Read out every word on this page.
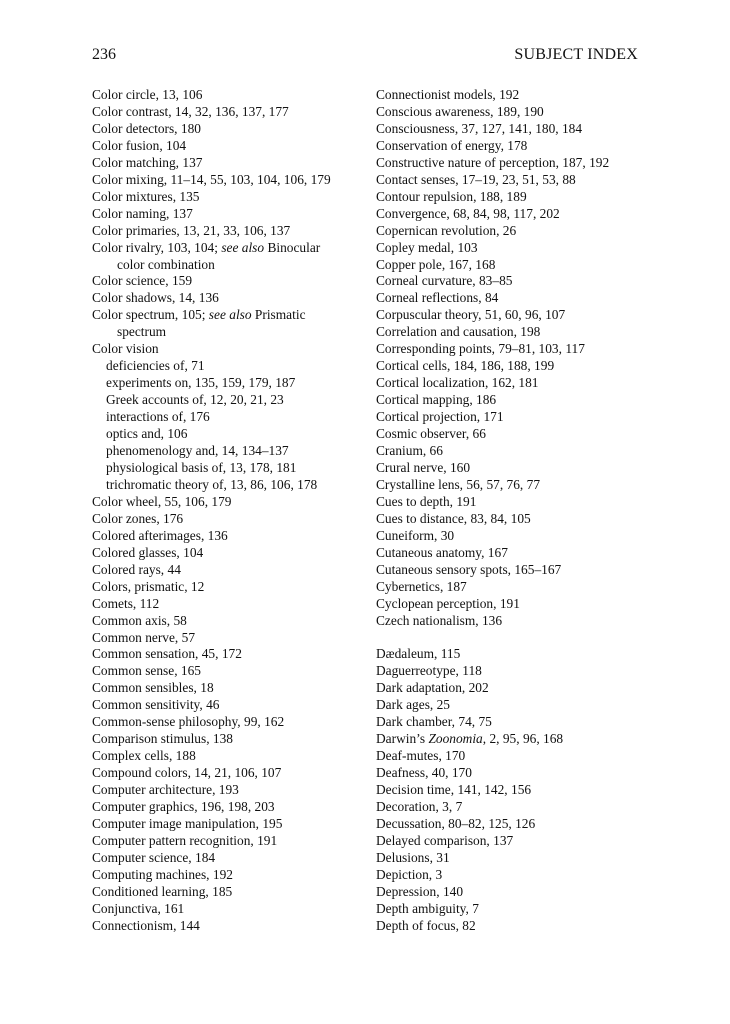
236	SUBJECT INDEX
Color circle, 13, 106
Color contrast, 14, 32, 136, 137, 177
Color detectors, 180
Color fusion, 104
Color matching, 137
Color mixing, 11–14, 55, 103, 104, 106, 179
Color mixtures, 135
Color naming, 137
Color primaries, 13, 21, 33, 106, 137
Color rivalry, 103, 104; see also Binocular
color combination
Color science, 159
Color shadows, 14, 136
Color spectrum, 105; see also Prismatic
spectrum
Color vision
deficiencies of, 71
experiments on, 135, 159, 179, 187
Greek accounts of, 12, 20, 21, 23
interactions of, 176
optics and, 106
phenomenology and, 14, 134–137
physiological basis of, 13, 178, 181
trichromatic theory of, 13, 86, 106, 178
Color wheel, 55, 106, 179
Color zones, 176
Colored afterimages, 136
Colored glasses, 104
Colored rays, 44
Colors, prismatic, 12
Comets, 112
Common axis, 58
Common nerve, 57
Common sensation, 45, 172
Common sense, 165
Common sensibles, 18
Common sensitivity, 46
Common-sense philosophy, 99, 162
Comparison stimulus, 138
Complex cells, 188
Compound colors, 14, 21, 106, 107
Computer architecture, 193
Computer graphics, 196, 198, 203
Computer image manipulation, 195
Computer pattern recognition, 191
Computer science, 184
Computing machines, 192
Conditioned learning, 185
Conjunctiva, 161
Connectionism, 144
Connectionist models, 192
Conscious awareness, 189, 190
Consciousness, 37, 127, 141, 180, 184
Conservation of energy, 178
Constructive nature of perception, 187, 192
Contact senses, 17–19, 23, 51, 53, 88
Contour repulsion, 188, 189
Convergence, 68, 84, 98, 117, 202
Copernican revolution, 26
Copley medal, 103
Copper pole, 167, 168
Corneal curvature, 83–85
Corneal reflections, 84
Corpuscular theory, 51, 60, 96, 107
Correlation and causation, 198
Corresponding points, 79–81, 103, 117
Cortical cells, 184, 186, 188, 199
Cortical localization, 162, 181
Cortical mapping, 186
Cortical projection, 171
Cosmic observer, 66
Cranium, 66
Crural nerve, 160
Crystalline lens, 56, 57, 76, 77
Cues to depth, 191
Cues to distance, 83, 84, 105
Cuneiform, 30
Cutaneous anatomy, 167
Cutaneous sensory spots, 165–167
Cybernetics, 187
Cyclopean perception, 191
Czech nationalism, 136
Dædaleum, 115
Daguerreotype, 118
Dark adaptation, 202
Dark ages, 25
Dark chamber, 74, 75
Darwin’s Zoonomia, 2, 95, 96, 168
Deaf-mutes, 170
Deafness, 40, 170
Decision time, 141, 142, 156
Decoration, 3, 7
Decussation, 80–82, 125, 126
Delayed comparison, 137
Delusions, 31
Depiction, 3
Depression, 140
Depth ambiguity, 7
Depth of focus, 82
